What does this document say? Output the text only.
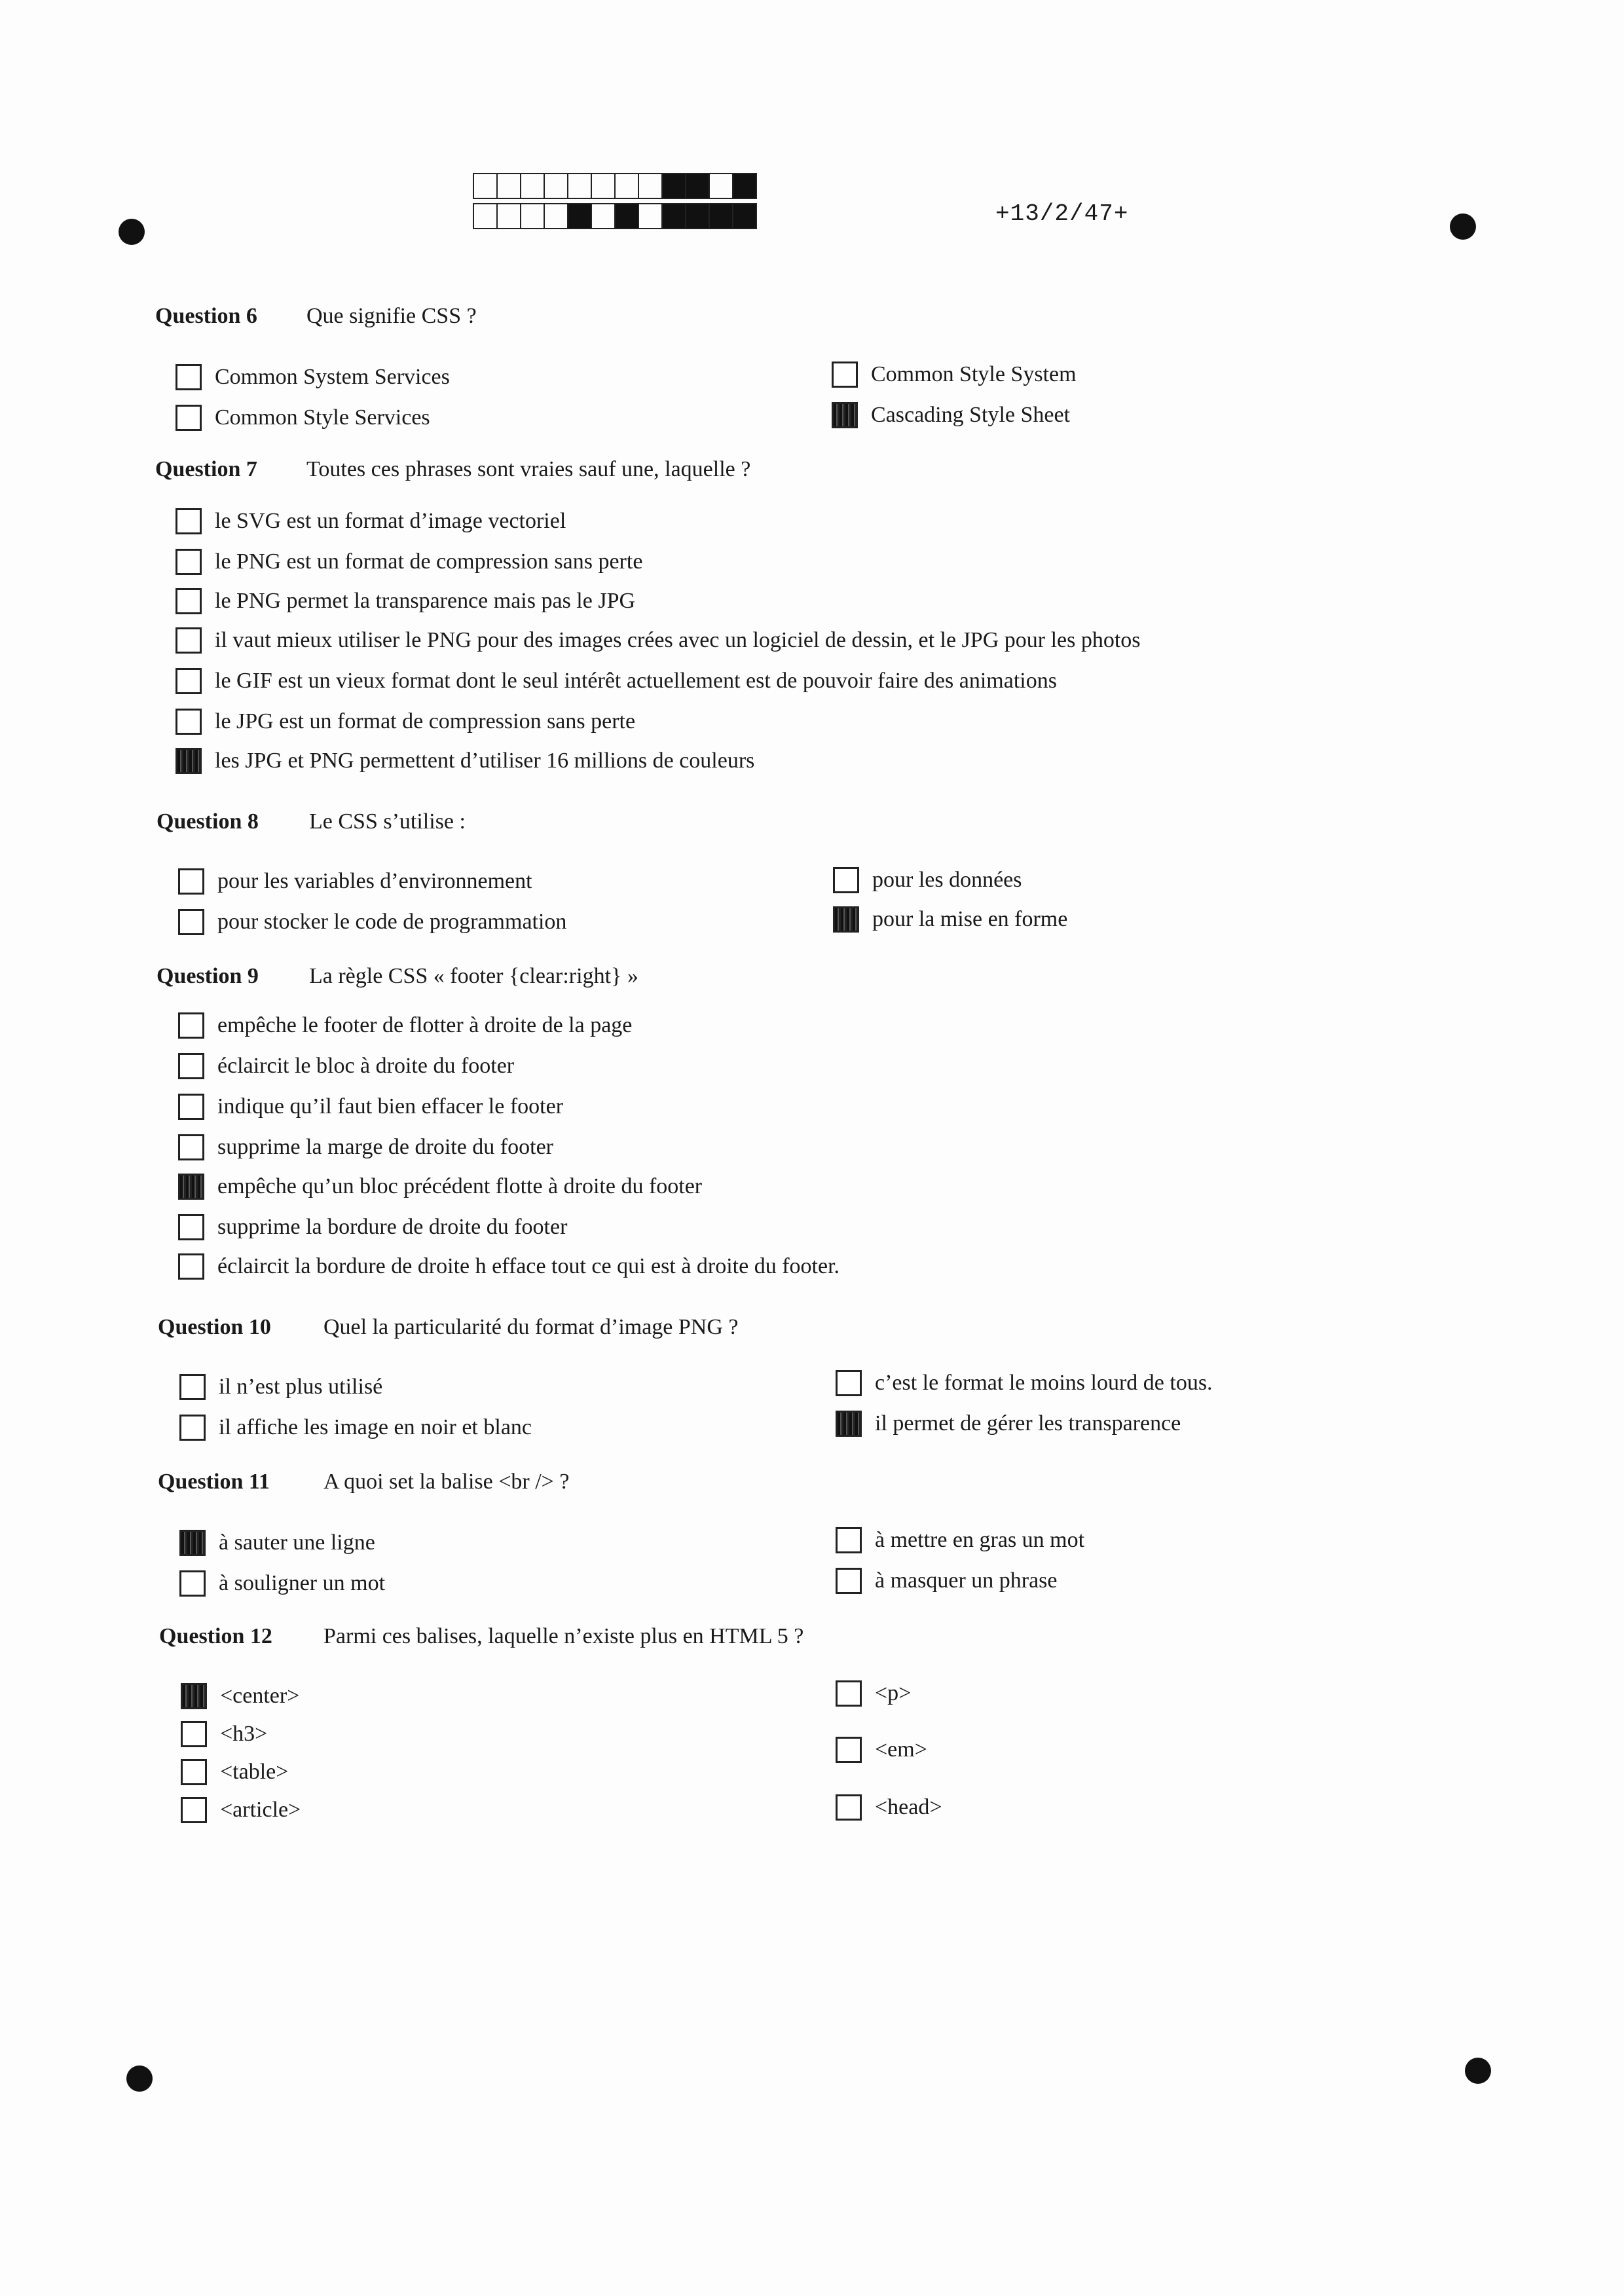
+13/2/47+
Question 6 Que signifie CSS ?
Common System Services
Common Style Services
Common Style System
Cascading Style Sheet
Question 7 Toutes ces phrases sont vraies sauf une, laquelle ?
le SVG est un format d’image vectoriel
le PNG est un format de compression sans perte
le PNG permet la transparence mais pas le JPG
il vaut mieux utiliser le PNG pour des images crées avec un logiciel de dessin, et le JPG pour les photos
le GIF est un vieux format dont le seul intérêt actuellement est de pouvoir faire des animations
le JPG est un format de compression sans perte
les JPG et PNG permettent d’utiliser 16 millions de couleurs
Question 8 Le CSS s’utilise :
pour les variables d’environnement
pour stocker le code de programmation
pour les données
pour la mise en forme
Question 9 La règle CSS « footer {clear:right} »
empêche le footer de flotter à droite de la page
éclaircit le bloc à droite du footer
indique qu’il faut bien effacer le footer
supprime la marge de droite du footer
empêche qu’un bloc précédent flotte à droite du footer
supprime la bordure de droite du footer
éclaircit la bordure de droite h efface tout ce qui est à droite du footer.
Question 10 Quel la particularité du format d’image PNG ?
il n’est plus utilisé
il affiche les image en noir et blanc
c’est le format le moins lourd de tous.
il permet de gérer les transparence
Question 11 A quoi set la balise <br /> ?
à sauter une ligne
à souligner un mot
à mettre en gras un mot
à masquer un phrase
Question 12 Parmi ces balises, laquelle n’existe plus en HTML 5 ?
<center>
<h3>
<table>
<article>
<p>
<em>
<head>
